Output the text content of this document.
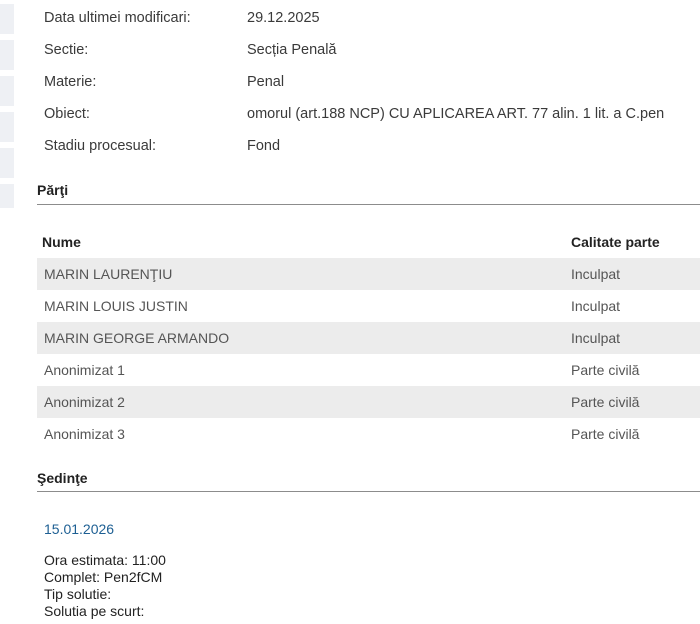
Data ultimei modificari:	29.12.2025
Sectie:	Secția Penală
Materie:	Penal
Obiect:	omorul (art.188 NCP) CU APLICAREA ART. 77 alin. 1 lit. a C.pen
Stadiu procesual:	Fond
Părţi
Nume	Calitate parte
MARIN LAURENŢIU	Inculpat
MARIN LOUIS JUSTIN	Inculpat
MARIN GEORGE ARMANDO	Inculpat
Anonimizat 1	Parte civilă
Anonimizat 2	Parte civilă
Anonimizat 3	Parte civilă
Şedinţe
15.01.2026
Ora estimata: 11:00
Complet: Pen2fCM
Tip solutie:
Solutia pe scurt:
